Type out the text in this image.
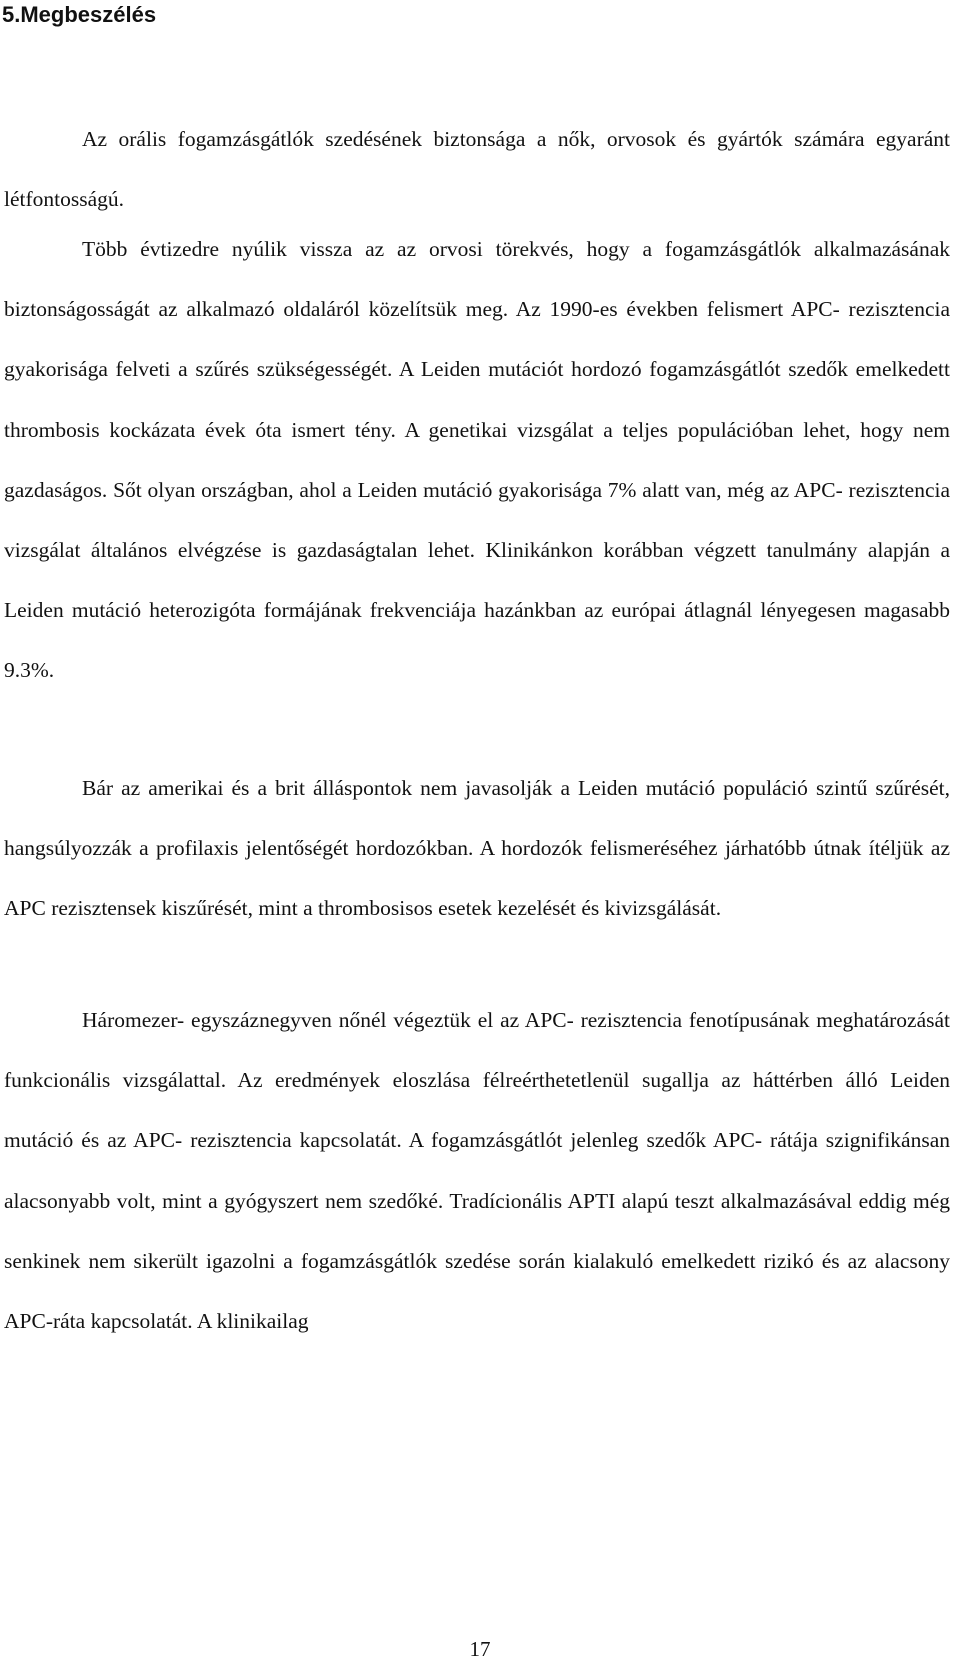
5.Megbeszélés

Az orális fogamzásgátlók szedésének biztonsága a nők, orvosok és gyártók számára egyaránt létfontosságú.

Több évtizedre nyúlik vissza az az orvosi törekvés, hogy a fogamzásgátlók alkalmazásának biztonságosságát az alkalmazó oldaláról közelítsük meg. Az 1990-es években felismert APC- rezisztencia gyakorisága felveti a szűrés szükségességét. A Leiden mutációt hordozó fogamzásgátlót szedők emelkedett thrombosis kockázata évek óta ismert tény. A genetikai vizsgálat a teljes populációban lehet, hogy nem gazdaságos. Sőt olyan országban, ahol a Leiden mutáció gyakorisága 7% alatt van, még az APC- rezisztencia vizsgálat általános elvégzése is gazdaságtalan lehet. Klinikánkon korábban végzett tanulmány alapján a Leiden mutáció heterozigóta formájának frekvenciája hazánkban az európai átlagnál lényegesen magasabb 9.3%.

Bár az amerikai és a brit álláspontok nem javasolják a Leiden mutáció populáció szintű szűrését, hangsúlyozzák a profilaxis jelentőségét hordozókban. A hordozók felismeréséhez járhatóbb útnak ítéljük az APC rezisztensek kiszűrését, mint a thrombosisos esetek kezelését és kivizsgálását.

Háromezer- egyszáznegyven nőnél végeztük el az APC- rezisztencia fenotípusának meghatározását funkcionális vizsgálattal. Az eredmények eloszlása félreérthetetlenül sugallja az háttérben álló Leiden mutáció és az APC- rezisztencia kapcsolatát. A fogamzásgátlót jelenleg szedők APC- rátája szignifikánsan alacsonyabb volt, mint a gyógyszert nem szedőké. Tradícionális APTI alapú teszt alkalmazásával eddig még senkinek nem sikerült igazolni a fogamzásgátlók szedése során kialakuló emelkedett rizikó és az alacsony APC-ráta kapcsolatát. A klinikailag

17
